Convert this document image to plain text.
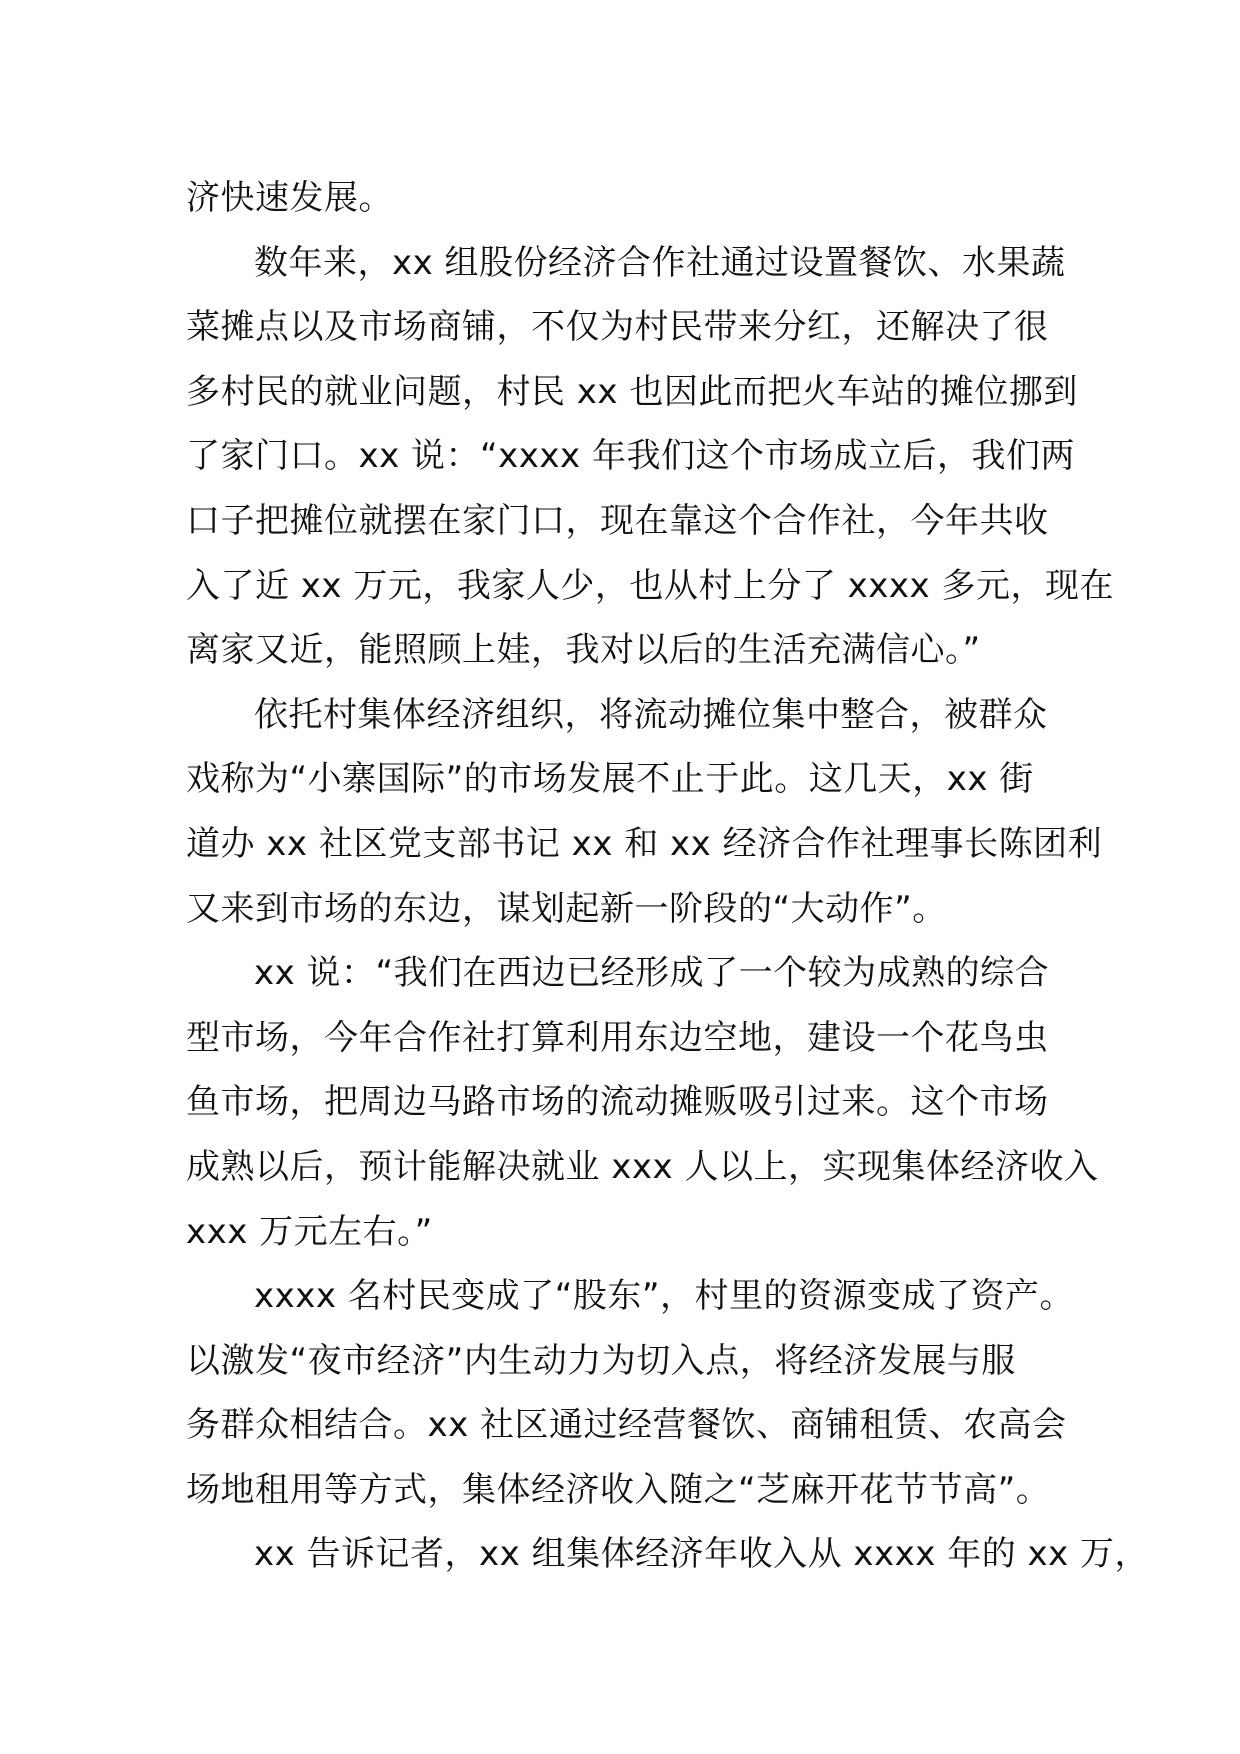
济快速发展。
数年来，xx 组股份经济合作社通过设置餐饮、水果蔬
菜摊点以及市场商铺，不仅为村民带来分红，还解决了很
多村民的就业问题，村民 xx 也因此而把火车站的摊位挪到
了家门口。xx 说：“xxxx 年我们这个市场成立后，我们两
口子把摊位就摆在家门口，现在靠这个合作社，今年共收
入了近 xx 万元，我家人少，也从村上分了 xxxx 多元，现在
离家又近，能照顾上娃，我对以后的生活充满信心。”
依托村集体经济组织，将流动摊位集中整合，被群众
戏称为“小寨国际”的市场发展不止于此。这几天，xx 街
道办 xx 社区党支部书记 xx 和 xx 经济合作社理事长陈团利
又来到市场的东边，谋划起新一阶段的“大动作”。
xx 说：“我们在西边已经形成了一个较为成熟的综合
型市场，今年合作社打算利用东边空地，建设一个花鸟虫
鱼市场，把周边马路市场的流动摊贩吸引过来。这个市场
成熟以后，预计能解决就业 xxx 人以上，实现集体经济收入
xxx 万元左右。”
xxxx 名村民变成了“股东”，村里的资源变成了资产。
以激发“夜市经济”内生动力为切入点，将经济发展与服
务群众相结合。xx 社区通过经营餐饮、商铺租赁、农高会
场地租用等方式，集体经济收入随之“芝麻开花节节高”。
xx 告诉记者，xx 组集体经济年收入从 xxxx 年的 xx 万，
